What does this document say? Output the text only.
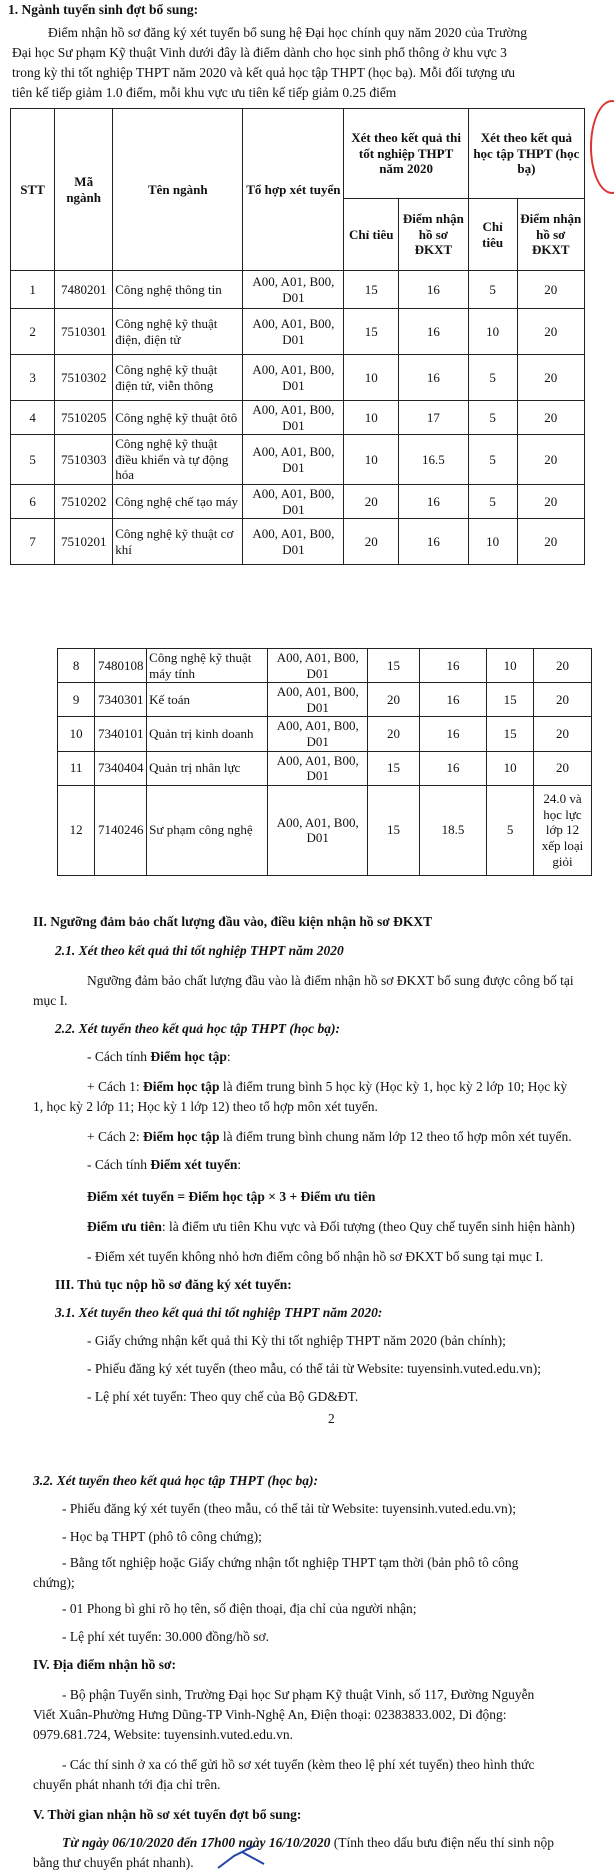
1. Ngành tuyển sinh đợt bổ sung:
Điểm nhận hồ sơ đăng ký xét tuyển bổ sung hệ Đại học chính quy năm 2020 của Trường
Đại học Sư phạm Kỹ thuật Vinh dưới đây là điểm dành cho học sinh phổ thông ở khu vực 3
trong kỳ thi tốt nghiệp THPT năm 2020 và kết quả học tập THPT (học bạ). Mỗi đối tượng ưu
tiên kế tiếp giảm 1.0 điểm, mỗi khu vực ưu tiên kế tiếp giảm 0.25 điểm
STT	Mã ngành	Tên ngành	Tổ hợp xét tuyển	Xét theo kết quả thi tốt nghiệp THPT năm 2020		Xét theo kết quả học tập THPT (học bạ)	
				Chỉ tiêu	Điểm nhận hồ sơ ĐKXT	Chỉ tiêu	Điểm nhận hồ sơ ĐKXT
1	7480201	Công nghệ thông tin	A00, A01, B00, D01	15	16	5	20
2	7510301	Công nghệ kỹ thuật điện, điện tử	A00, A01, B00, D01	15	16	10	20
3	7510302	Công nghệ kỹ thuật điện tử, viễn thông	A00, A01, B00, D01	10	16	5	20
4	7510205	Công nghệ kỹ thuật ôtô	A00, A01, B00, D01	10	17	5	20
5	7510303	Công nghệ kỹ thuật điều khiển và tự động hóa	A00, A01, B00, D01	10	16.5	5	20
6	7510202	Công nghệ chế tạo máy	A00, A01, B00, D01	20	16	5	20
7	7510201	Công nghệ kỹ thuật cơ khí	A00, A01, B00, D01	20	16	10	20
8	7480108	Công nghệ kỹ thuật máy tính	A00, A01, B00, D01	15	16	10	20
9	7340301	Kế toán	A00, A01, B00, D01	20	16	15	20
10	7340101	Quản trị kinh doanh	A00, A01, B00, D01	20	16	15	20
11	7340404	Quản trị nhân lực	A00, A01, B00, D01	15	16	10	20
12	7140246	Sư phạm công nghệ	A00, A01, B00, D01	15	18.5	5	24.0 và học lực lớp 12 xếp loại giỏi
II. Ngưỡng đảm bảo chất lượng đầu vào, điều kiện nhận hồ sơ ĐKXT
2.1. Xét theo kết quả thi tốt nghiệp THPT năm 2020
Ngưỡng đảm bảo chất lượng đầu vào là điểm nhận hồ sơ ĐKXT bổ sung được công bố tại
mục I.
2.2. Xét tuyển theo kết quả học tập THPT (học bạ):
- Cách tính Điểm học tập:
+ Cách 1: Điểm học tập là điểm trung bình 5 học kỳ (Học kỳ 1, học kỳ 2 lớp 10; Học kỳ
1, học kỳ 2 lớp 11; Học kỳ 1 lớp 12) theo tổ hợp môn xét tuyển.
+ Cách 2: Điểm học tập là điểm trung bình chung năm lớp 12 theo tổ hợp môn xét tuyển.
- Cách tính Điểm xét tuyển:
Điểm xét tuyển = Điểm học tập × 3 + Điểm ưu tiên
Điểm ưu tiên: là điểm ưu tiên Khu vực và Đối tượng (theo Quy chế tuyển sinh hiện hành)
- Điểm xét tuyển không nhỏ hơn điểm công bố nhận hồ sơ ĐKXT bổ sung tại mục I.
III. Thủ tục nộp hồ sơ đăng ký xét tuyển:
3.1. Xét tuyển theo kết quả thi tốt nghiệp THPT năm 2020:
- Giấy chứng nhận kết quả thi Kỳ thi tốt nghiệp THPT năm 2020 (bản chính);
- Phiếu đăng ký xét tuyển (theo mẫu, có thể tải từ Website: tuyensinh.vuted.edu.vn);
- Lệ phí xét tuyển: Theo quy chế của Bộ GD&ĐT.
2
3.2. Xét tuyển theo kết quả học tập THPT (học bạ):
- Phiếu đăng ký xét tuyển (theo mẫu, có thể tải từ Website: tuyensinh.vuted.edu.vn);
- Học bạ THPT (phô tô công chứng);
- Bằng tốt nghiệp hoặc Giấy chứng nhận tốt nghiệp THPT tạm thời (bản phô tô công
chứng);
- 01 Phong bì ghi rõ họ tên, số điện thoại, địa chỉ của người nhận;
- Lệ phí xét tuyển: 30.000 đồng/hồ sơ.
IV. Địa điểm nhận hồ sơ:
- Bộ phận Tuyển sinh, Trường Đại học Sư phạm Kỹ thuật Vinh, số 117, Đường Nguyễn
Viết Xuân-Phường Hưng Dũng-TP Vinh-Nghệ An, Điện thoại: 02383833.002, Di động:
0979.681.724, Website: tuyensinh.vuted.edu.vn.
- Các thí sinh ở xa có thể gửi hồ sơ xét tuyển (kèm theo lệ phí xét tuyển) theo hình thức
chuyển phát nhanh tới địa chỉ trên.
V. Thời gian nhận hồ sơ xét tuyển đợt bổ sung:
Từ ngày 06/10/2020 đến 17h00 ngày 16/10/2020 (Tính theo dấu bưu điện nếu thí sinh nộp
bằng thư chuyển phát nhanh).
